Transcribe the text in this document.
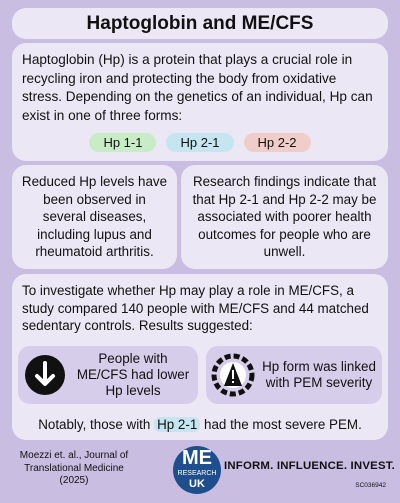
Haptoglobin and ME/CFS

Haptoglobin (Hp) is a protein that plays a crucial role in recycling iron and protecting the body from oxidative stress. Depending on the genetics of an individual, Hp can exist in one of three forms:

Hp 1-1	Hp 2-1	Hp 2-2

Reduced Hp levels have been observed in several diseases, including lupus and rheumatoid arthritis.

Research findings indicate that that Hp 2-1 and Hp 2-2 may be associated with poorer health outcomes for people who are unwell.

To investigate whether Hp may play a role in ME/CFS, a study compared 140 people with ME/CFS and 44 matched sedentary controls. Results suggested:

People with ME/CFS had lower Hp levels
Hp form was linked with PEM severity
Notably, those with Hp 2-1 had the most severe PEM.
Moezzi et. al., Journal of Translational Medicine (2025)
ME
RESEARCH
UK
INFORM. INFLUENCE. INVEST.
SC036942
